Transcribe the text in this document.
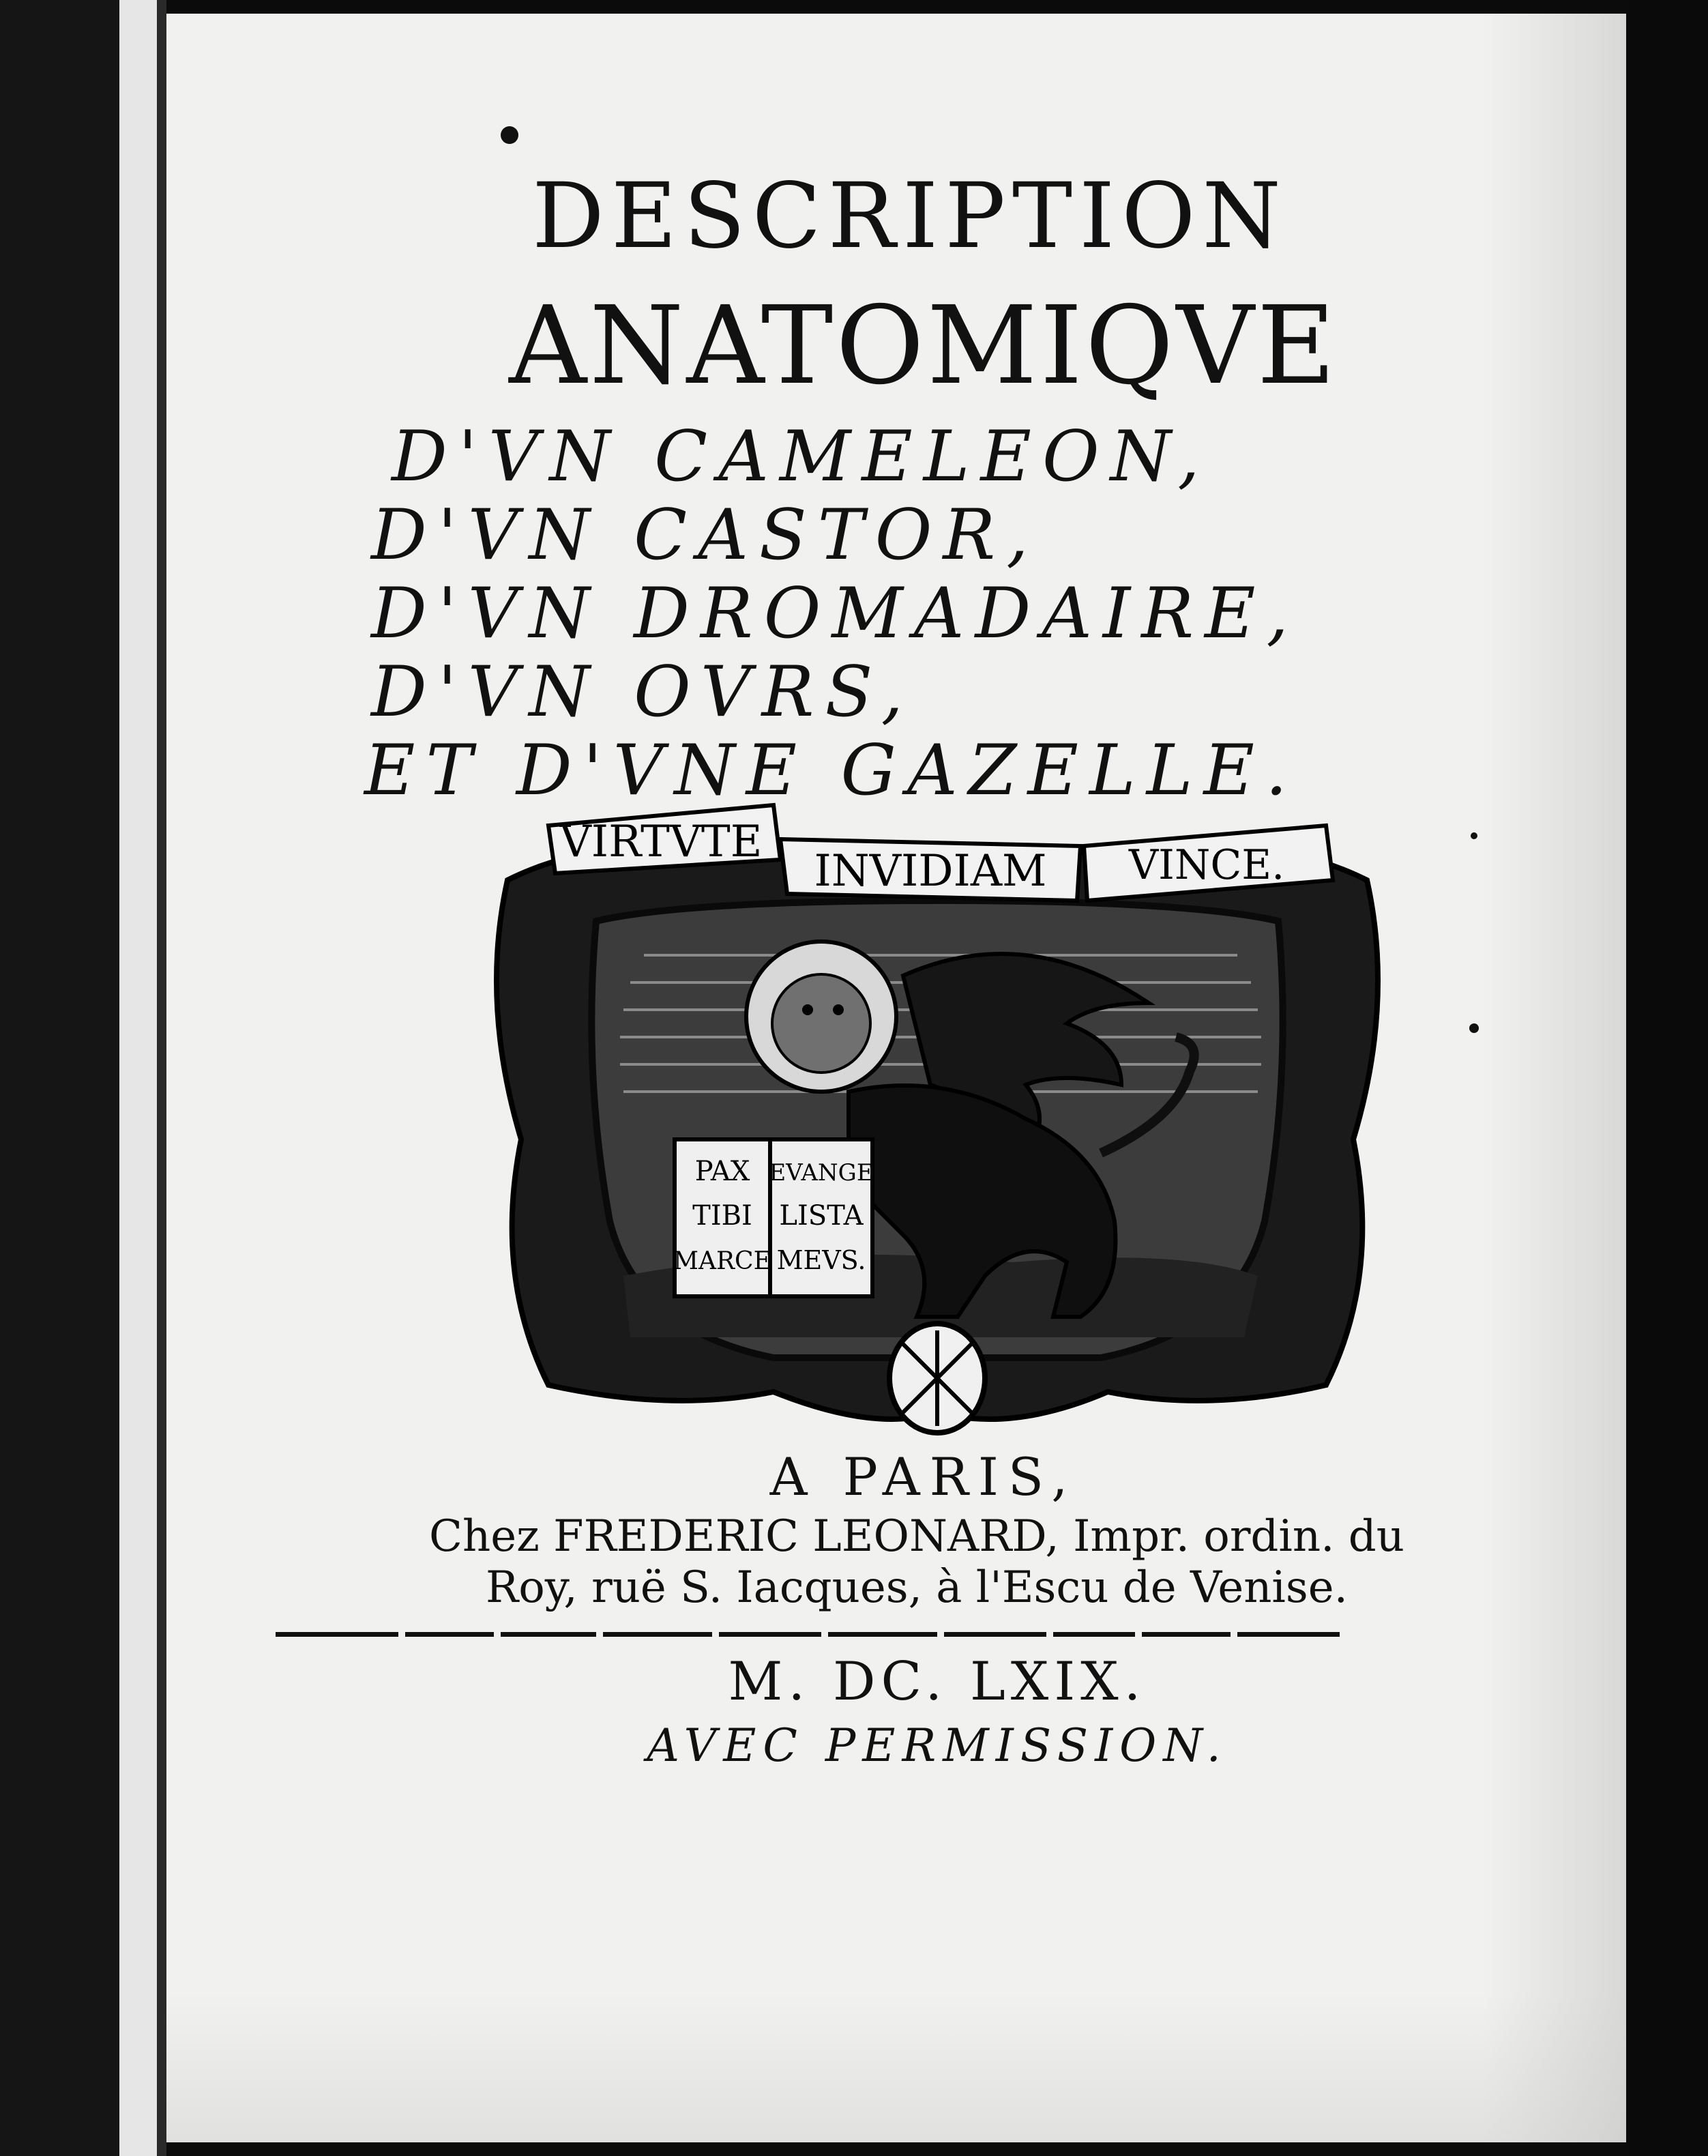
DESCRIPTION
ANATOMIQVE
D'VN CAMELEON,
D'VN CASTOR,
D'VN DROMADAIRE,
D'VN OVRS,
ET D'VNE GAZELLE.
PAX
TIBI
MARCE
EVANGE
LISTA
MEVS.
VIRTVTE
INVIDIAM VINCE.
A PARIS,
Chez FREDERIC LEONARD, Impr. ordin. du
Roy, ruë S. Iacques, à l'Escu de Venise.
M. DC. LXIX.
AVEC PERMISSION.
